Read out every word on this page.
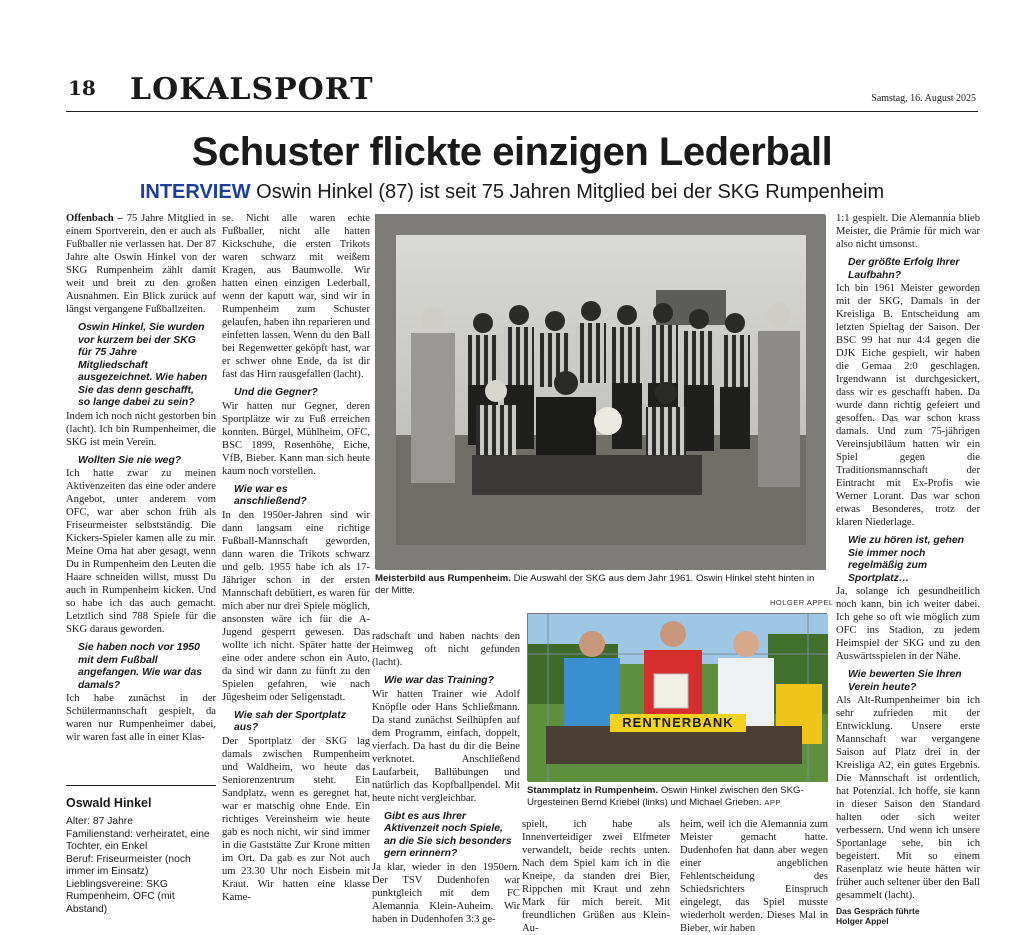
18 LOKALSPORT	Samstag, 16. August 2025
Schuster flickte einzigen Lederball
INTERVIEW Oswin Hinkel (87) ist seit 75 Jahren Mitglied bei der SKG Rumpenheim

Offenbach – 75 Jahre Mitglied in einem Sportverein, den er auch als Fußballer nie verlassen hat. Der 87 Jahre alte Oswin Hinkel von der SKG Rumpenheim zählt damit weit und breit zu den großen Ausnahmen. Ein Blick zurück auf längst vergangene Fußballzeiten.

Oswin Hinkel, Sie wurden vor kurzem bei der SKG für 75 Jahre Mitgliedschaft ausgezeichnet. Wie haben Sie das denn geschafft, so lange dabei zu sein?

Indem ich noch nicht gestorben bin (lacht). Ich bin Rumpenheimer, die SKG ist mein Verein.

Wollten Sie nie weg?

Ich hatte zwar zu meinen Aktivenzeiten das eine oder andere Angebot, unter anderem vom OFC, war aber schon früh als Friseurmeister selbstständig. Die Kickers-Spieler kamen alle zu mir. Meine Oma hat aber gesagt, wenn Du in Rumpenheim den Leuten die Haare schneiden willst, musst Du auch in Rumpenheim kicken. Und so habe ich das auch gemacht. Letztlich sind 788 Spiele für die SKG daraus geworden.

Sie haben noch vor 1950 mit dem Fußball angefangen. Wie war das damals?

Ich habe zunächst in der Schülermannschaft gespielt, da waren nur Rumpenheimer dabei, wir waren fast alle in einer Klas-

Oswald Hinkel
Alter: 87 Jahre
Familienstand: verheiratet, eine Tochter, ein Enkel
Beruf: Friseurmeister (noch immer im Einsatz)
Lieblingsvereine: SKG Rumpenheim, OFC (mit Abstand)

se. Nicht alle waren echte Fußballer, nicht alle hatten Kickschuhe, die ersten Trikots waren schwarz mit weißem Kragen, aus Baumwolle. Wir hatten einen einzigen Lederball, wenn der kaputt war, sind wir in Rumpenheim zum Schuster gelaufen, haben ihn reparieren und einfetten lassen. Wenn du den Ball bei Regenwetter geköpft hast, war er schwer ohne Ende, da ist dir fast das Hirn rausgefallen (lacht).

Und die Gegner?

Wir hatten nur Gegner, deren Sportplätze wir zu Fuß erreichen konnten. Bürgel, Mühlheim, OFC, BSC 1899, Rosenhöhe, Eiche, VfB, Bieber. Kann man sich heute kaum noch vorstellen.

Wie war es anschließend?

In den 1950er-Jahren sind wir dann langsam eine richtige Fußball-Mannschaft geworden, dann waren die Trikots schwarz und gelb. 1955 habe ich als 17-Jähriger schon in der ersten Mannschaft debütiert, es waren für mich aber nur drei Spiele möglich, ansonsten wäre ich für die A-Jugend gesperrt gewesen. Das wollte ich nicht. Später hatte der eine oder andere schon ein Auto, da sind wir dann zu fünft zu den Spielen gefahren, wie nach Jügesheim oder Seligenstadt.

Wie sah der Sportplatz aus?

Der Sportplatz der SKG lag damals zwischen Rumpenheim und Waldheim, wo heute das Seniorenzentrum steht. Ein Sandplatz, wenn es geregnet hat, war er matschig ohne Ende. Ein richtiges Vereinsheim wie heute gab es noch nicht, wir sind immer in die Gaststätte Zur Krone mitten im Ort. Da gab es zur Not auch um 23.30 Uhr noch Eisbein mit Kraut. Wir hatten eine klasse Kame-

Meisterbild aus Rumpenheim. Die Auswahl der SKG aus dem Jahr 1961. Oswin Hinkel steht hinten in der Mitte.
HOLGER APPEL

radschaft und haben nachts den Heimweg oft nicht gefunden (lacht).

Wie war das Training?

Wir hatten Trainer wie Adolf Knöpfle oder Hans Schließmann. Da stand zunächst Seilhüpfen auf dem Programm, einfach, doppelt, vierfach. Da hast du dir die Beine verknotet. Anschließend Laufarbeit, Ballübungen und natürlich das Kopfballpendel. Mit heute nicht vergleichbar.

Gibt es aus Ihrer Aktivenzeit noch Spiele, an die Sie sich besonders gern erinnern?

Ja klar, wieder in den 1950ern. Der TSV Dudenhofen war punktgleich mit dem FC Alemannia Klein-Auheim. Wir haben in Dudenhofen 3:3 ge-

RENTNERBANK
Stammplatz in Rumpenheim. Oswin Hinkel zwischen den SKG-Urgesteinen Bernd Kriebel (links) und Michael Grieben. APP

spielt, ich habe als Innenverteidiger zwei Elfmeter verwandelt, beide rechts unten. Nach dem Spiel kam ich in die Kneipe, da standen drei Bier, Rippchen mit Kraut und zehn Mark für mich bereit. Mit freundlichen Grüßen aus Klein-Au-

heim, weil ich die Alemannia zum Meister gemacht hatte. Dudenhofen hat dann aber wegen einer angeblichen Fehlentscheidung des Schiedsrichters Einspruch eingelegt, das Spiel musste wiederholt werden. Dieses Mal in Bieber, wir haben

1:1 gespielt. Die Alemannia blieb Meister, die Prämie für mich war also nicht umsonst.

Der größte Erfolg Ihrer Laufbahn?

Ich bin 1961 Meister geworden mit der SKG, Damals in der Kreisliga B. Entscheidung am letzten Spieltag der Saison. Der BSC 99 hat nur 4:4 gegen die DJK Eiche gespielt, wir haben die Gemaa 2:0 geschlagen. Irgendwann ist durchgesickert, dass wir es geschafft haben. Da wurde dann richtig gefeiert und gesoffen. Das war schon krass damals. Und zum 75-jährigen Vereinsjubiläum hatten wir ein Spiel gegen die Traditionsmannschaft der Eintracht mit Ex-Profis wie Werner Lorant. Das war schon etwas Besonderes, trotz der klaren Niederlage.

Wie zu hören ist, gehen Sie immer noch regelmäßig zum Sportplatz…

Ja, solange ich gesundheitlich noch kann, bin ich weiter dabei. Ich gehe so oft wie möglich zum OFC ins Stadion, zu jedem Heimspiel der SKG und zu den Auswärtsspielen in der Nähe.

Wie bewerten Sie Ihren Verein heute?

Als Alt-Rumpenheimer bin ich sehr zufrieden mit der Entwicklung. Unsere erste Mannschaft war vergangene Saison auf Platz drei in der Kreisliga A2, ein gutes Ergebnis. Die Mannschaft ist ordentlich, hat Potenzial. Ich hoffe, sie kann in dieser Saison den Standard halten oder sich weiter verbessern. Und wenn ich unsere Sportanlage sehe, bin ich begeistert. Mit so einem Rasenplatz wie heute hätten wir früher auch seltener über den Ball gesammelt (lacht).

Das Gespräch führte
Holger Appel
